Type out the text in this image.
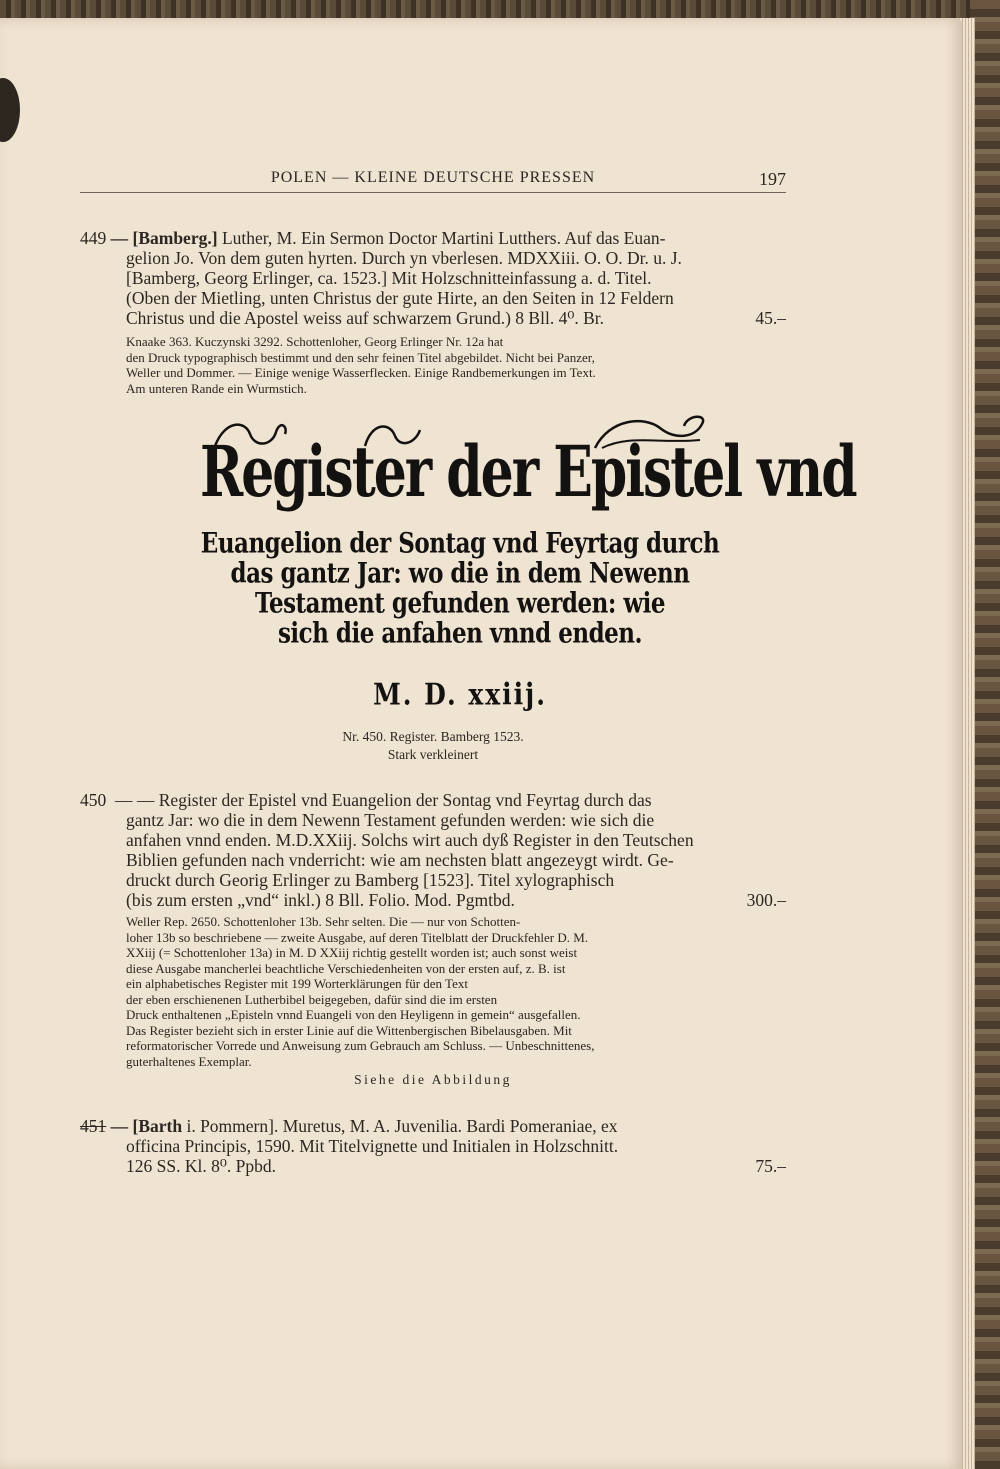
POLEN — KLEINE DEUTSCHE PRESSEN	197

449 — [Bamberg.] Luther, M. Ein Sermon Doctor Martini Lutthers. Auf das Euan-

gelion Jo. Von dem guten hyrten. Durch yn vberlesen. MDXXiii. O. O. Dr. u. J.

[Bamberg, Georg Erlinger, ca. 1523.] Mit Holzschnitteinfassung a. d. Titel.

(Oben der Mietling, unten Christus der gute Hirte, an den Seiten in 12 Feldern

Christus und die Apostel weiss auf schwarzem Grund.) 8 Bll. 4⁰. Br.	45.–

Knaake 363. Kuczynski 3292. Schottenloher, Georg Erlinger Nr. 12a hat

den Druck typographisch bestimmt und den sehr feinen Titel abgebildet. Nicht bei Panzer,

Weller und Dommer. — Einige wenige Wasserflecken. Einige Randbemerkungen im Text.

Am unteren Rande ein Wurmstich.

Register der Epistel vnd
Euangelion der Sontag vnd Feyrtag durch
das gantz Jar: wo die in dem Newenn
Testament gefunden werden: wie
sich die anfahen vnnd enden.
M. D. xxiij.
Nr. 450. Register. Bamberg 1523.
Stark verkleinert

450 — — Register der Epistel vnd Euangelion der Sontag vnd Feyrtag durch das

gantz Jar: wo die in dem Newenn Testament gefunden werden: wie sich die

anfahen vnnd enden. M.D.XXiij. Solchs wirt auch dyß Register in den Teutschen

Biblien gefunden nach vnderricht: wie am nechsten blatt angezeygt wirdt. Ge-

druckt durch Georig Erlinger zu Bamberg [1523]. Titel xylographisch

(bis zum ersten „vnd“ inkl.) 8 Bll. Folio. Mod. Pgmtbd.	300.–

Weller Rep. 2650. Schottenloher 13b. Sehr selten. Die — nur von Schotten-

loher 13b so beschriebene — zweite Ausgabe, auf deren Titelblatt der Druckfehler D. M.

XXiij (= Schottenloher 13a) in M. D XXiij richtig gestellt worden ist; auch sonst weist

diese Ausgabe mancherlei beachtliche Verschiedenheiten von der ersten auf, z. B. ist

ein alphabetisches Register mit 199 Worterklärungen für den Text

der eben erschienenen Lutherbibel beigegeben, dafür sind die im ersten

Druck enthaltenen „Episteln vnnd Euangeli von den Heyligenn in gemein“ ausgefallen.

Das Register bezieht sich in erster Linie auf die Wittenbergischen Bibelausgaben. Mit

reformatorischer Vorrede und Anweisung zum Gebrauch am Schluss. — Unbeschnittenes,

guterhaltenes Exemplar.

Siehe die Abbildung

451 — [Barth i. Pommern]. Muretus, M. A. Juvenilia. Bardi Pomeraniae, ex

officina Principis, 1590. Mit Titelvignette und Initialen in Holzschnitt.

126 SS. Kl. 8⁰. Ppbd.	75.–
